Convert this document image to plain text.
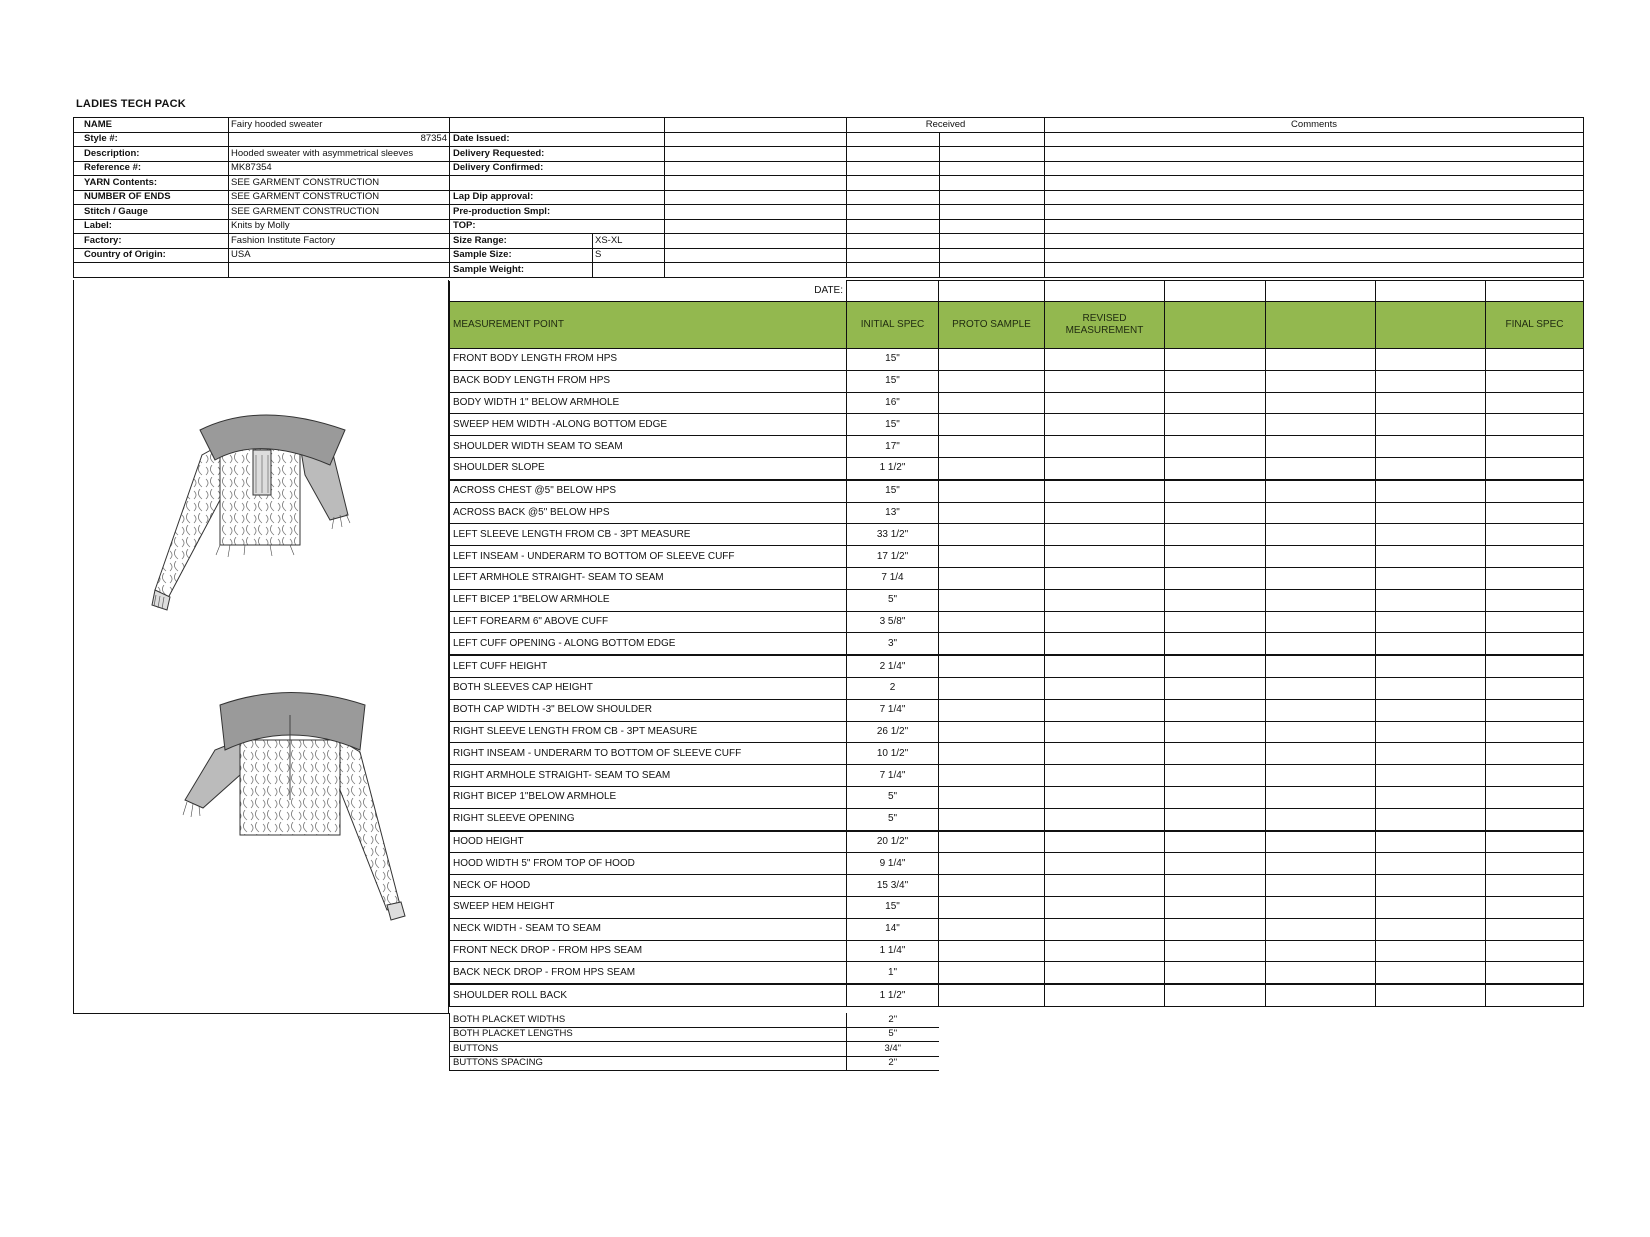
LADIES TECH PACK
NAME	Fairy hooded sweater				Received		Comments
Style #:	87354	Date Issued:					
Description:	Hooded sweater with asymmetrical sleeves	Delivery Requested:					
Reference #:	MK87354	Delivery Confirmed:					
YARN Contents:	SEE GARMENT CONSTRUCTION						
NUMBER OF ENDS	SEE GARMENT CONSTRUCTION	Lap Dip approval:					
Stitch / Gauge	SEE GARMENT CONSTRUCTION	Pre-production Smpl:					
Label:	Knits by Molly	TOP:					
Factory:	Fashion Institute Factory	Size Range:	XS-XL				
Country of Origin:	USA	Sample Size:	S				
		Sample Weight:					
DATE:							
MEASUREMENT POINT	INITIAL SPEC	PROTO SAMPLE	REVISED MEASUREMENT				FINAL SPEC
FRONT BODY LENGTH FROM HPS	15"						
BACK BODY LENGTH FROM HPS	15"						
BODY WIDTH 1" BELOW ARMHOLE	16"						
SWEEP HEM WIDTH -ALONG BOTTOM EDGE	15"						
SHOULDER WIDTH SEAM TO SEAM	17"						
SHOULDER SLOPE	1 1/2"						
ACROSS CHEST @5" BELOW HPS	15"						
ACROSS BACK @5" BELOW HPS	13"						
LEFT SLEEVE LENGTH FROM CB - 3PT MEASURE	33 1/2"						
LEFT INSEAM - UNDERARM TO BOTTOM OF SLEEVE CUFF	17 1/2"						
LEFT ARMHOLE STRAIGHT- SEAM TO SEAM	7 1/4						
LEFT BICEP 1"BELOW ARMHOLE	5"						
LEFT FOREARM 6" ABOVE CUFF	3 5/8"						
LEFT CUFF OPENING - ALONG BOTTOM EDGE	3"						
LEFT CUFF HEIGHT	2 1/4"						
BOTH SLEEVES CAP HEIGHT	2						
BOTH CAP WIDTH -3" BELOW SHOULDER	7 1/4"						
RIGHT SLEEVE LENGTH FROM CB - 3PT MEASURE	26 1/2"						
RIGHT INSEAM - UNDERARM TO BOTTOM OF SLEEVE CUFF	10 1/2"						
RIGHT ARMHOLE STRAIGHT- SEAM TO SEAM	7 1/4"						
RIGHT BICEP 1"BELOW ARMHOLE	5"						
RIGHT SLEEVE OPENING	5"						
HOOD HEIGHT	20 1/2"						
HOOD WIDTH 5" FROM TOP OF HOOD	9 1/4"						
NECK OF HOOD	15 3/4"						
SWEEP HEM HEIGHT	15"						
NECK WIDTH - SEAM TO SEAM	14"						
FRONT NECK DROP - FROM HPS SEAM	1 1/4"						
BACK NECK DROP - FROM HPS SEAM	1"						
SHOULDER ROLL BACK	1 1/2"						
BOTH PLACKET WIDTHS	2"
BOTH PLACKET LENGTHS	5"
BUTTONS	3/4"
BUTTONS SPACING	2"
